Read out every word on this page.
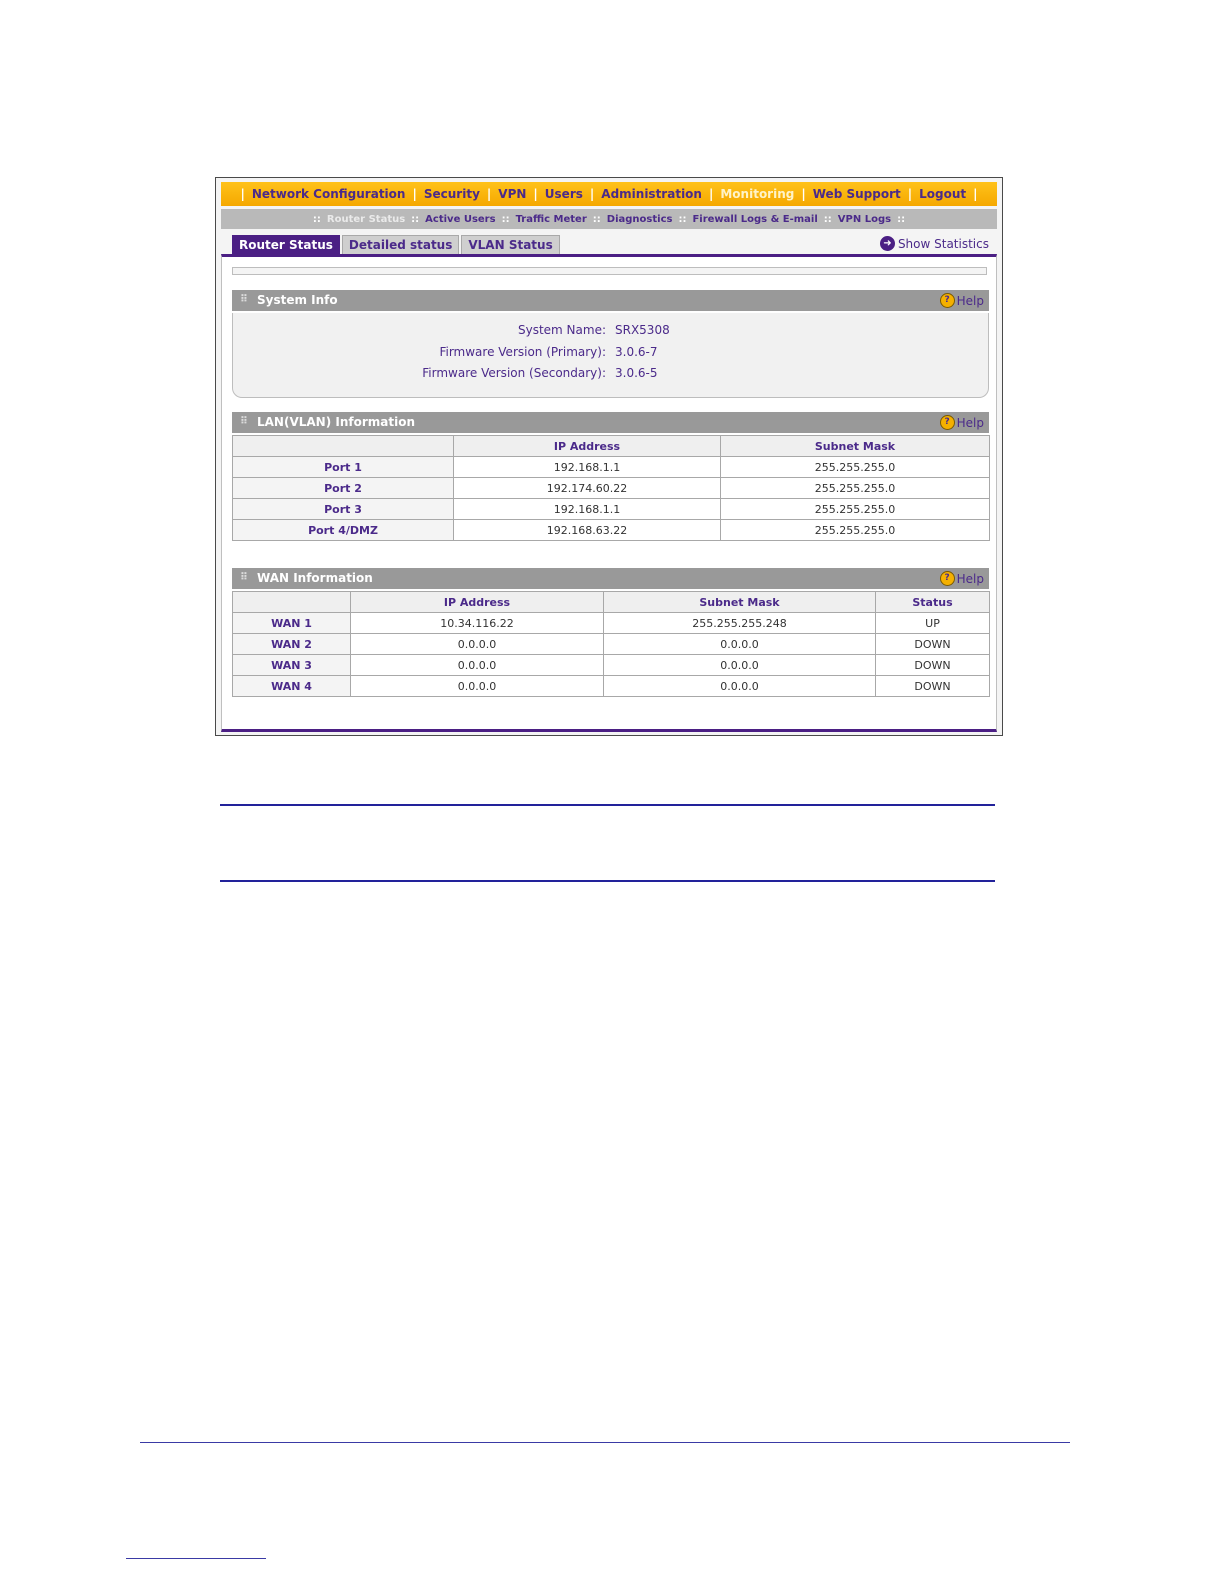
| Network Configuration | Security | VPN | Users | Administration | Monitoring | Web Support | Logout |
:: Router Status :: Active Users :: Traffic Meter :: Diagnostics :: Firewall Logs & E-mail :: VPN Logs ::
Router Status	Detailed status	VLAN Status	➜ Show Statistics
⠿ System Info	? Help
System Name: SRX5308
Firmware Version (Primary): 3.0.6-7
Firmware Version (Secondary): 3.0.6-5
⠿ LAN(VLAN) Information	? Help
	IP Address	Subnet Mask
Port 1	192.168.1.1	255.255.255.0
Port 2	192.174.60.22	255.255.255.0
Port 3	192.168.1.1	255.255.255.0
Port 4/DMZ	192.168.63.22	255.255.255.0
⠿ WAN Information	? Help
	IP Address	Subnet Mask	Status
WAN 1	10.34.116.22	255.255.255.248	UP
WAN 2	0.0.0.0	0.0.0.0	DOWN
WAN 3	0.0.0.0	0.0.0.0	DOWN
WAN 4	0.0.0.0	0.0.0.0	DOWN
